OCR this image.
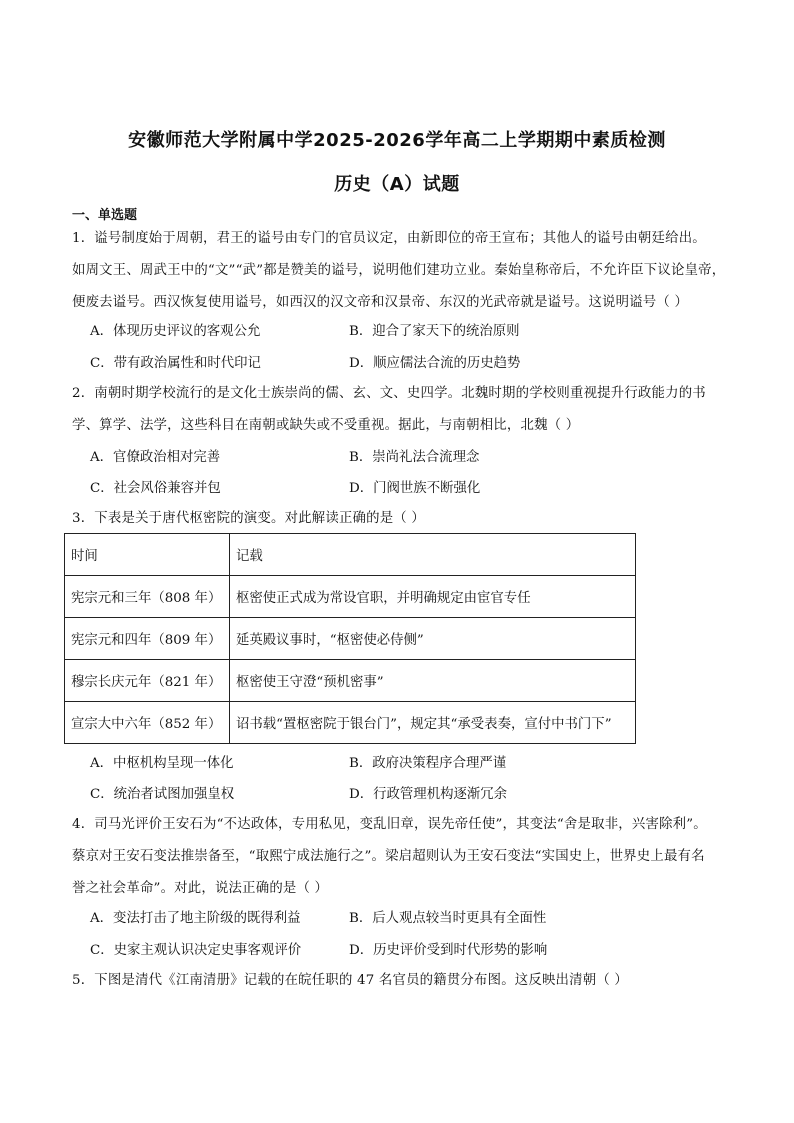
安徽师范大学附属中学2025-2026学年高二上学期期中素质检测
历史（A）试题
一、单选题
1．谥号制度始于周朝，君王的谥号由专门的官员议定，由新即位的帝王宣布；其他人的谥号由朝廷给出。
如周文王、周武王中的“文”“武”都是赞美的谥号，说明他们建功立业。秦始皇称帝后，不允许臣下议论皇帝，
便废去谥号。西汉恢复使用谥号，如西汉的汉文帝和汉景帝、东汉的光武帝就是谥号。这说明谥号（ ）
A．体现历史评议的客观公允	B．迎合了家天下的统治原则
C．带有政治属性和时代印记	D．顺应儒法合流的历史趋势
2．南朝时期学校流行的是文化士族崇尚的儒、玄、文、史四学。北魏时期的学校则重视提升行政能力的书
学、算学、法学，这些科目在南朝或缺失或不受重视。据此，与南朝相比，北魏（ ）
A．官僚政治相对完善	B．崇尚礼法合流理念
C．社会风俗兼容并包	D．门阀世族不断强化
3．下表是关于唐代枢密院的演变。对此解读正确的是（ ）
时间	记载
宪宗元和三年（808 年）	枢密使正式成为常设官职，并明确规定由宦官专任
宪宗元和四年（809 年）	延英殿议事时，“枢密使必侍侧”
穆宗长庆元年（821 年）	枢密使王守澄“预机密事”
宣宗大中六年（852 年）	诏书载“置枢密院于银台门”，规定其“承受表奏，宣付中书门下”
A．中枢机构呈现一体化	B．政府决策程序合理严谨
C．统治者试图加强皇权	D．行政管理机构逐渐冗余
4．司马光评价王安石为“不达政体，专用私见，变乱旧章，误先帝任使”，其变法“舍是取非，兴害除利”。
蔡京对王安石变法推崇备至，“取熙宁成法施行之”。梁启超则认为王安石变法“实国史上，世界史上最有名
誉之社会革命”。对此，说法正确的是（ ）
A．变法打击了地主阶级的既得利益	B．后人观点较当时更具有全面性
C．史家主观认识决定史事客观评价	D．历史评价受到时代形势的影响
5．下图是清代《江南清册》记载的在皖任职的 47 名官员的籍贯分布图。这反映出清朝（ ）
